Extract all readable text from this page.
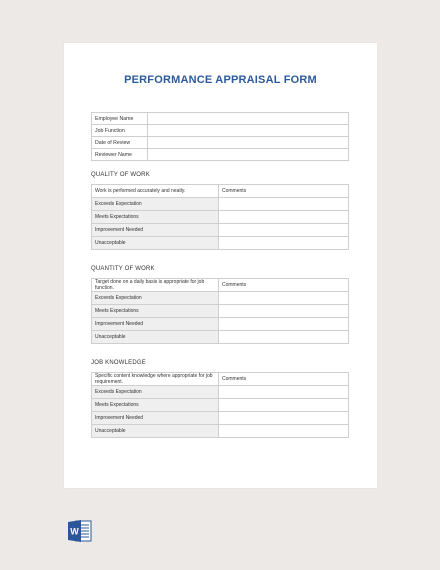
PERFORMANCE APPRAISAL FORM
Employee Name	
Job Function	
Date of Review	
Reviewer Name	
QUALITY OF WORK
Work is performed accurately and neatly.	Comments
Exceeds Expectation	
Meets Expectations	
Improvement Needed	
Unacceptable	
QUANTITY OF WORK
Target done on a daily basis is appropriate for job function.	Comments
Exceeds Expectation	
Meets Expectations	
Improvement Needed	
Unacceptable	
JOB KNOWLEDGE
Specific content knowledge where appropriate for job requirement.	Comments
Exceeds Expectation	
Meets Expectations	
Improvement Needed	
Unacceptable	
W
